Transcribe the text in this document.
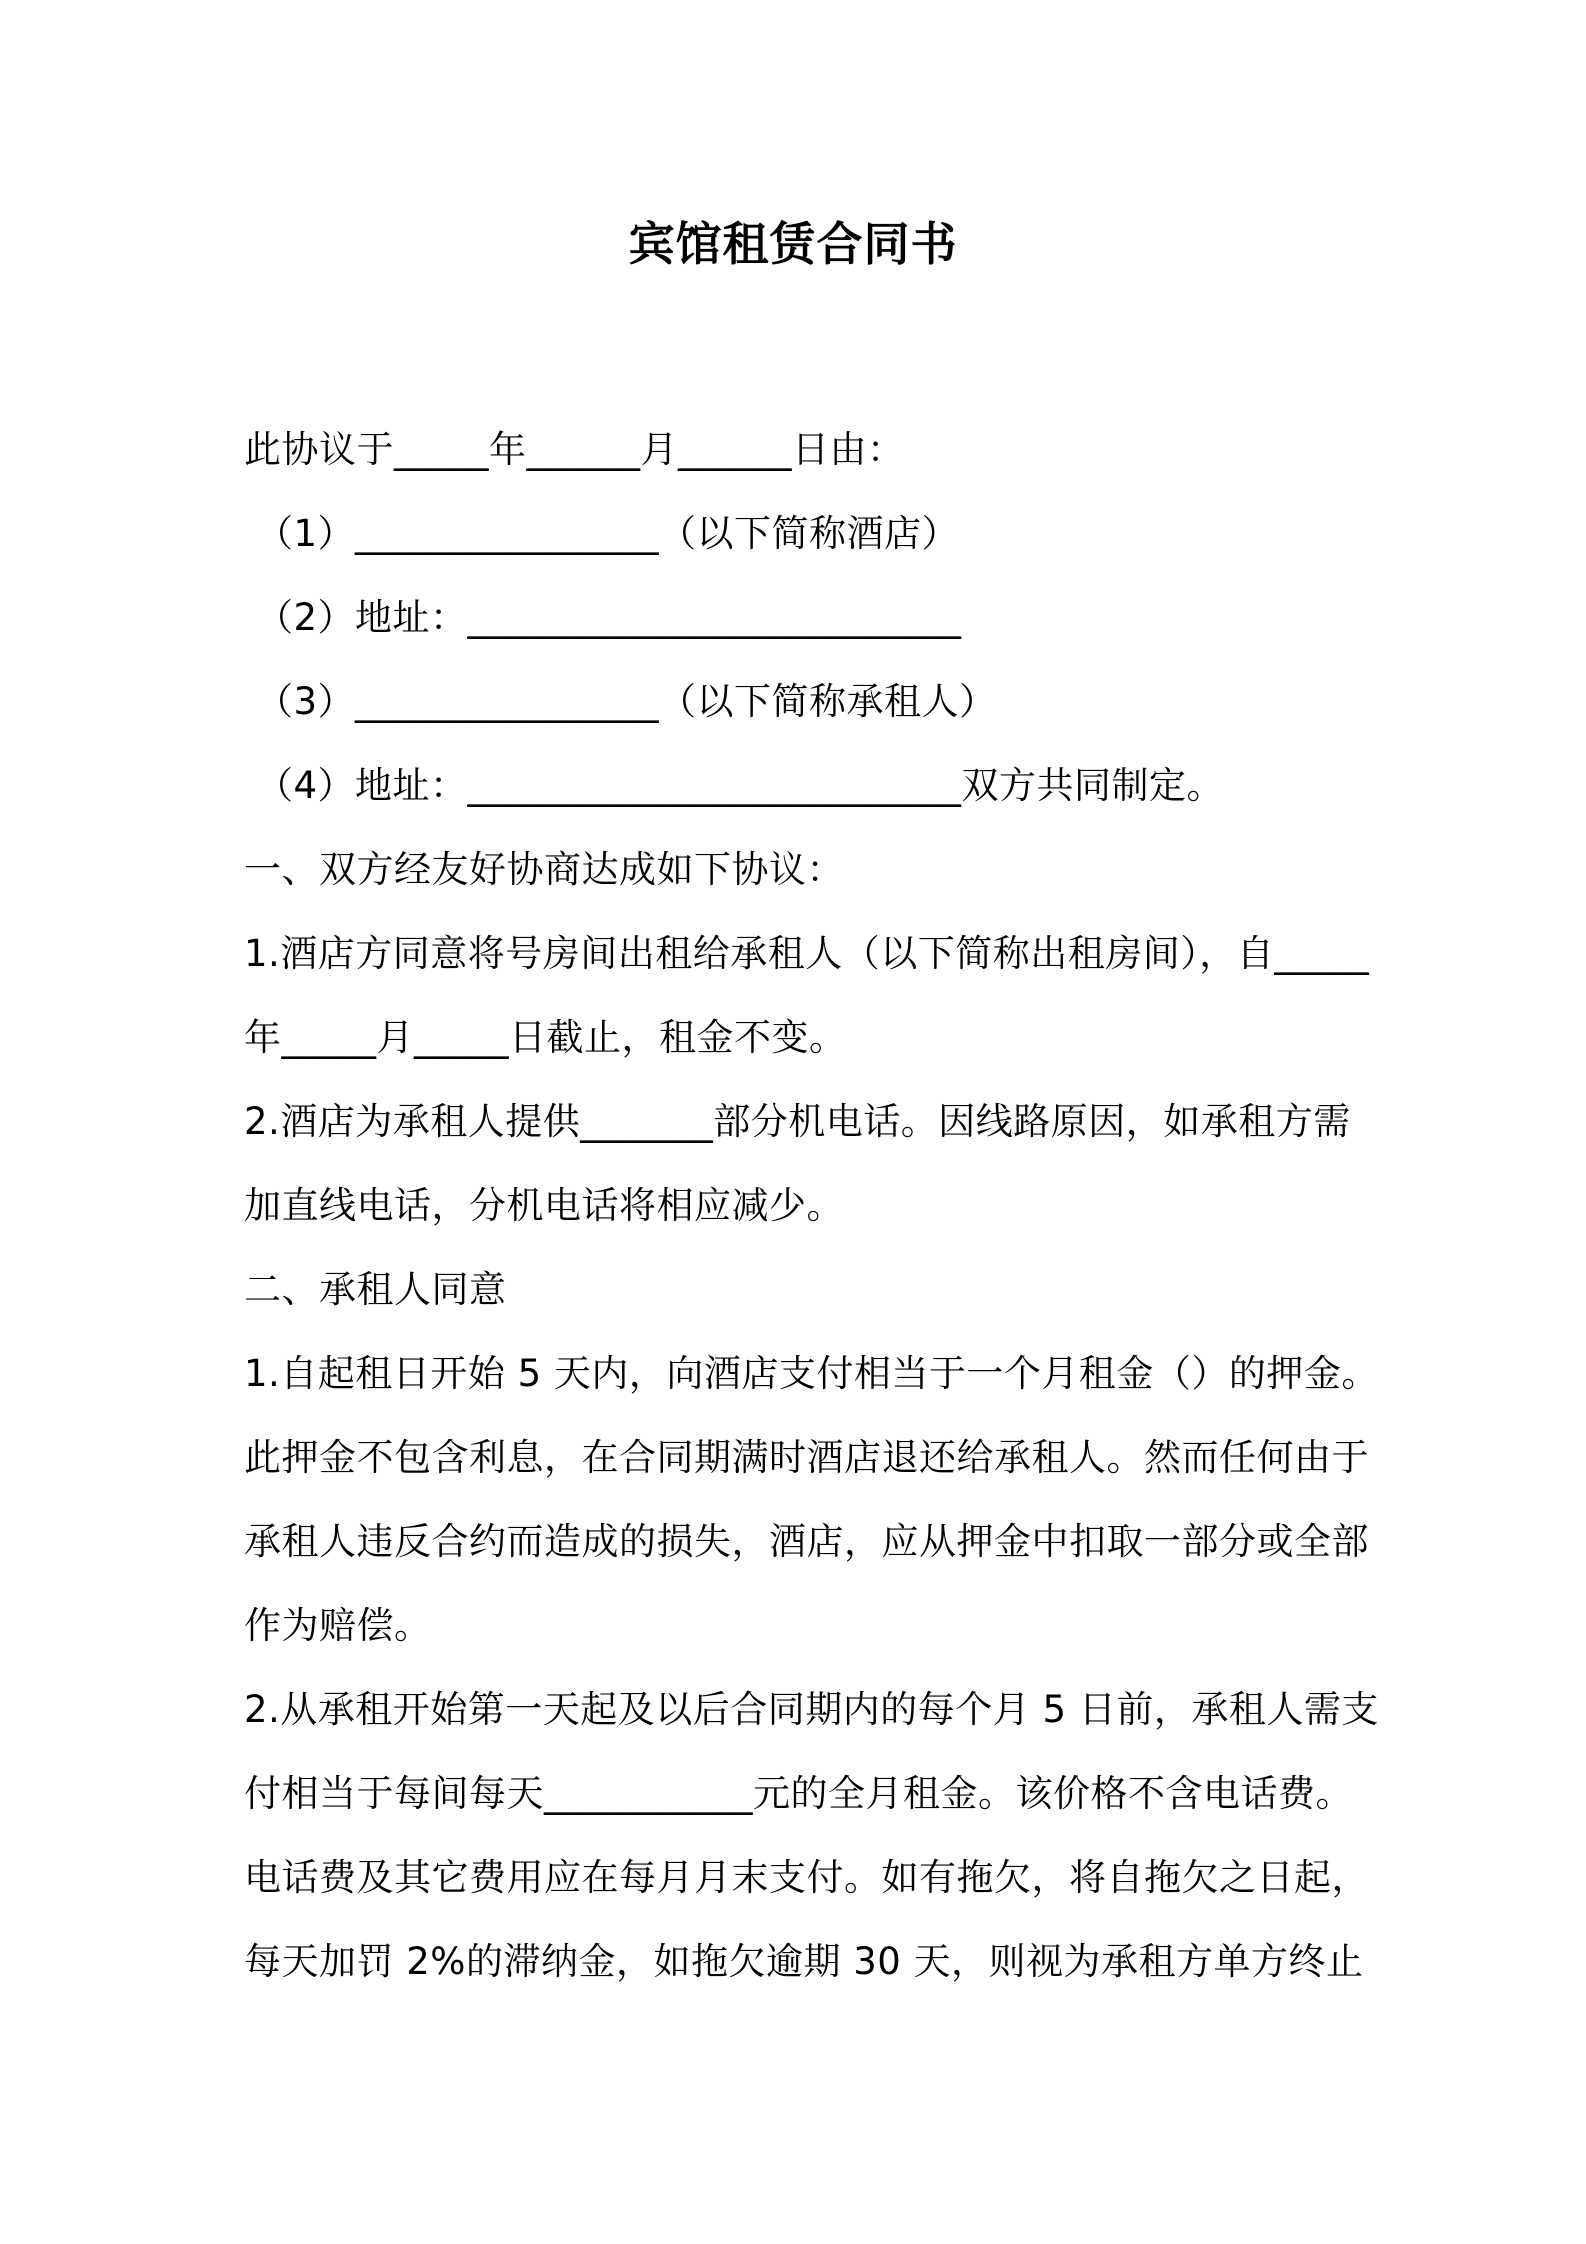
宾馆租赁合同书
此协议于_____年______月______日由：
（1）________________（以下简称酒店）
（2）地址：__________________________
（3）________________（以下简称承租人）
（4）地址：__________________________双方共同制定。
一、双方经友好协商达成如下协议：
1.酒店方同意将号房间出租给承租人（以下简称出租房间），自_____
年_____月_____日截止，租金不变。
2.酒店为承租人提供_______部分机电话。因线路原因，如承租方需
加直线电话，分机电话将相应减少。
二、承租人同意
1.自起租日开始 5 天内，向酒店支付相当于一个月租金（）的押金。
此押金不包含利息，在合同期满时酒店退还给承租人。然而任何由于
承租人违反合约而造成的损失，酒店，应从押金中扣取一部分或全部
作为赔偿。
2.从承租开始第一天起及以后合同期内的每个月 5 日前，承租人需支
付相当于每间每天___________元的全月租金。该价格不含电话费。
电话费及其它费用应在每月月末支付。如有拖欠，将自拖欠之日起，
每天加罚 2%的滞纳金，如拖欠逾期 30 天，则视为承租方单方终止
